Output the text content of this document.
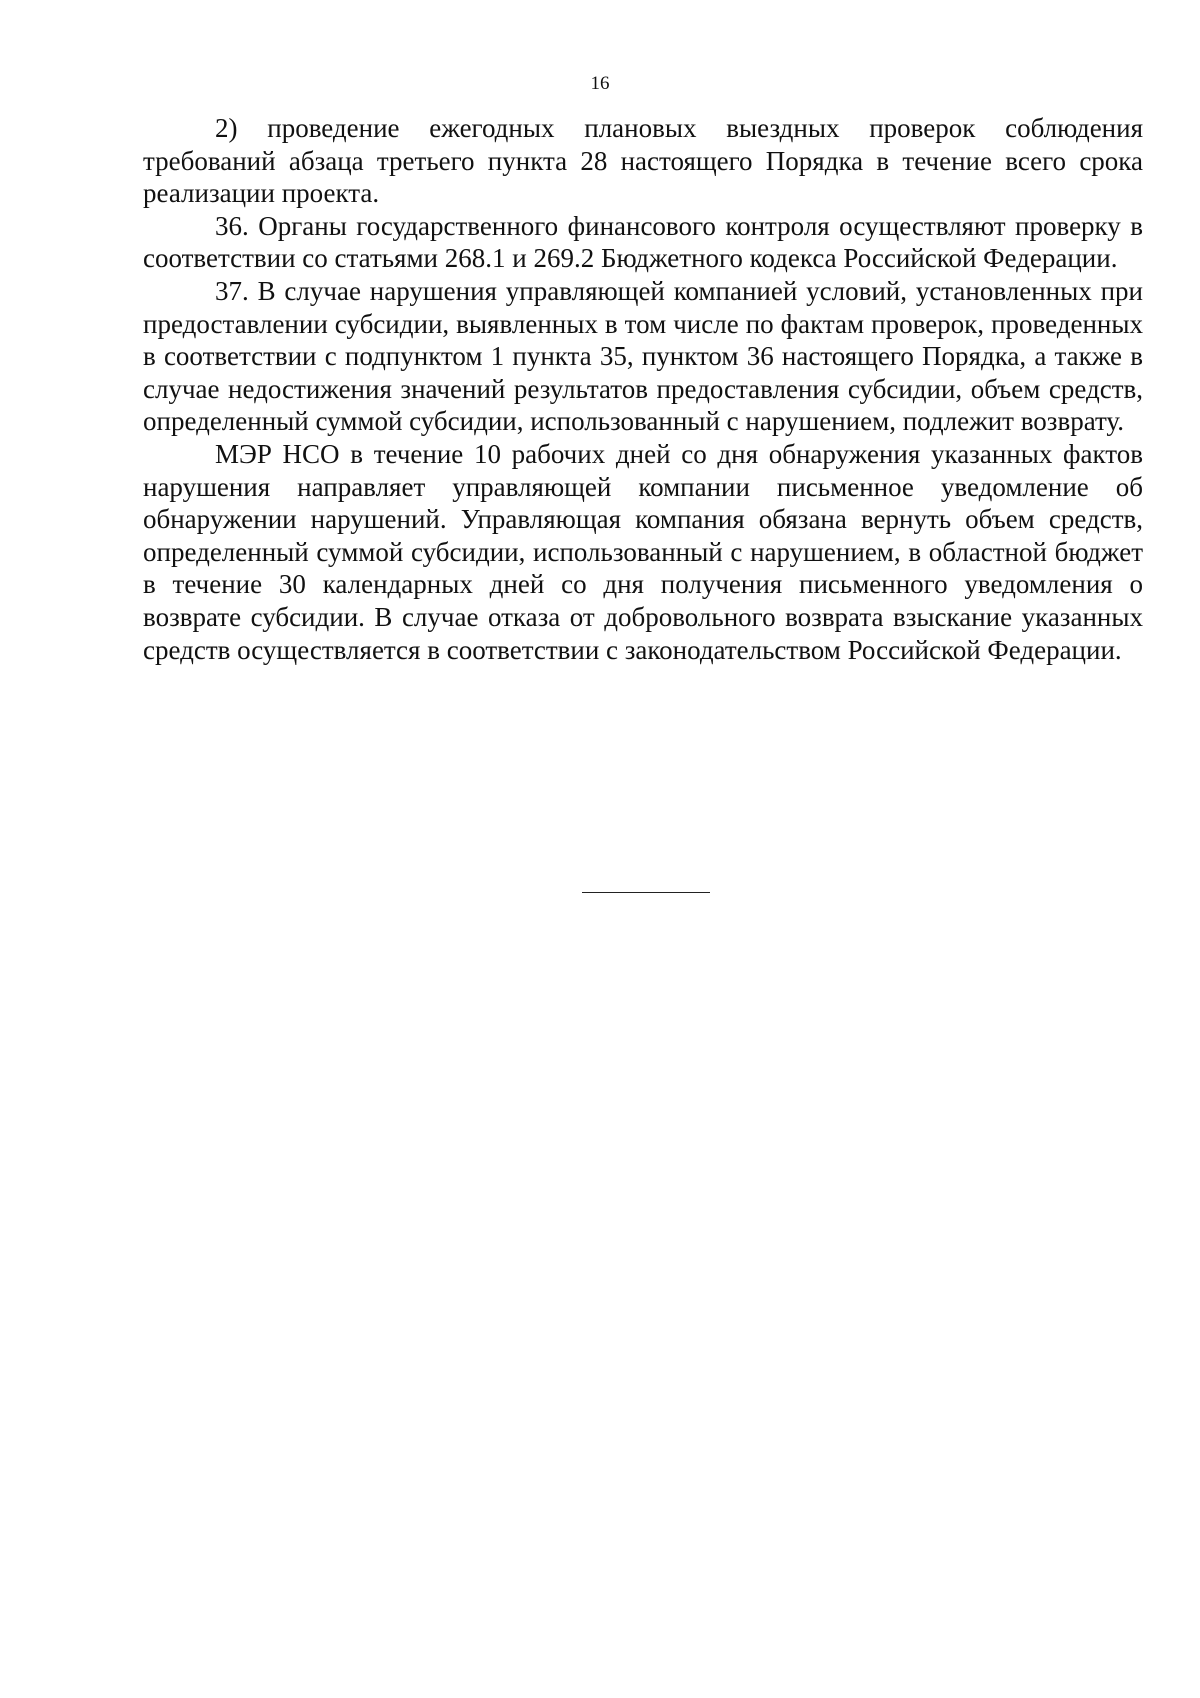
16

2) проведение ежегодных плановых выездных проверок соблюдения требований абзаца третьего пункта 28 настоящего Порядка в течение всего срока реализации проекта.

36. Органы государственного финансового контроля осуществляют проверку в соответствии со статьями 268.1 и 269.2 Бюджетного кодекса Российской Федерации.

37. В случае нарушения управляющей компанией условий, установленных при предоставлении субсидии, выявленных в том числе по фактам проверок, проведенных в соответствии с подпунктом 1 пункта 35, пунктом 36 настоящего Порядка, а также в случае недостижения значений результатов предоставления субсидии, объем средств, определенный суммой субсидии, использованный с нарушением, подлежит возврату.

МЭР НСО в течение 10 рабочих дней со дня обнаружения указанных фактов нарушения направляет управляющей компании письменное уведомление об обнаружении нарушений. Управляющая компания обязана вернуть объем средств, определенный суммой субсидии, использованный с нарушением, в областной бюджет в течение 30 календарных дней со дня получения письменного уведомления о возврате субсидии. В случае отказа от добровольного возврата взыскание указанных средств осуществляется в соответствии с законодательством Российской Федерации.
